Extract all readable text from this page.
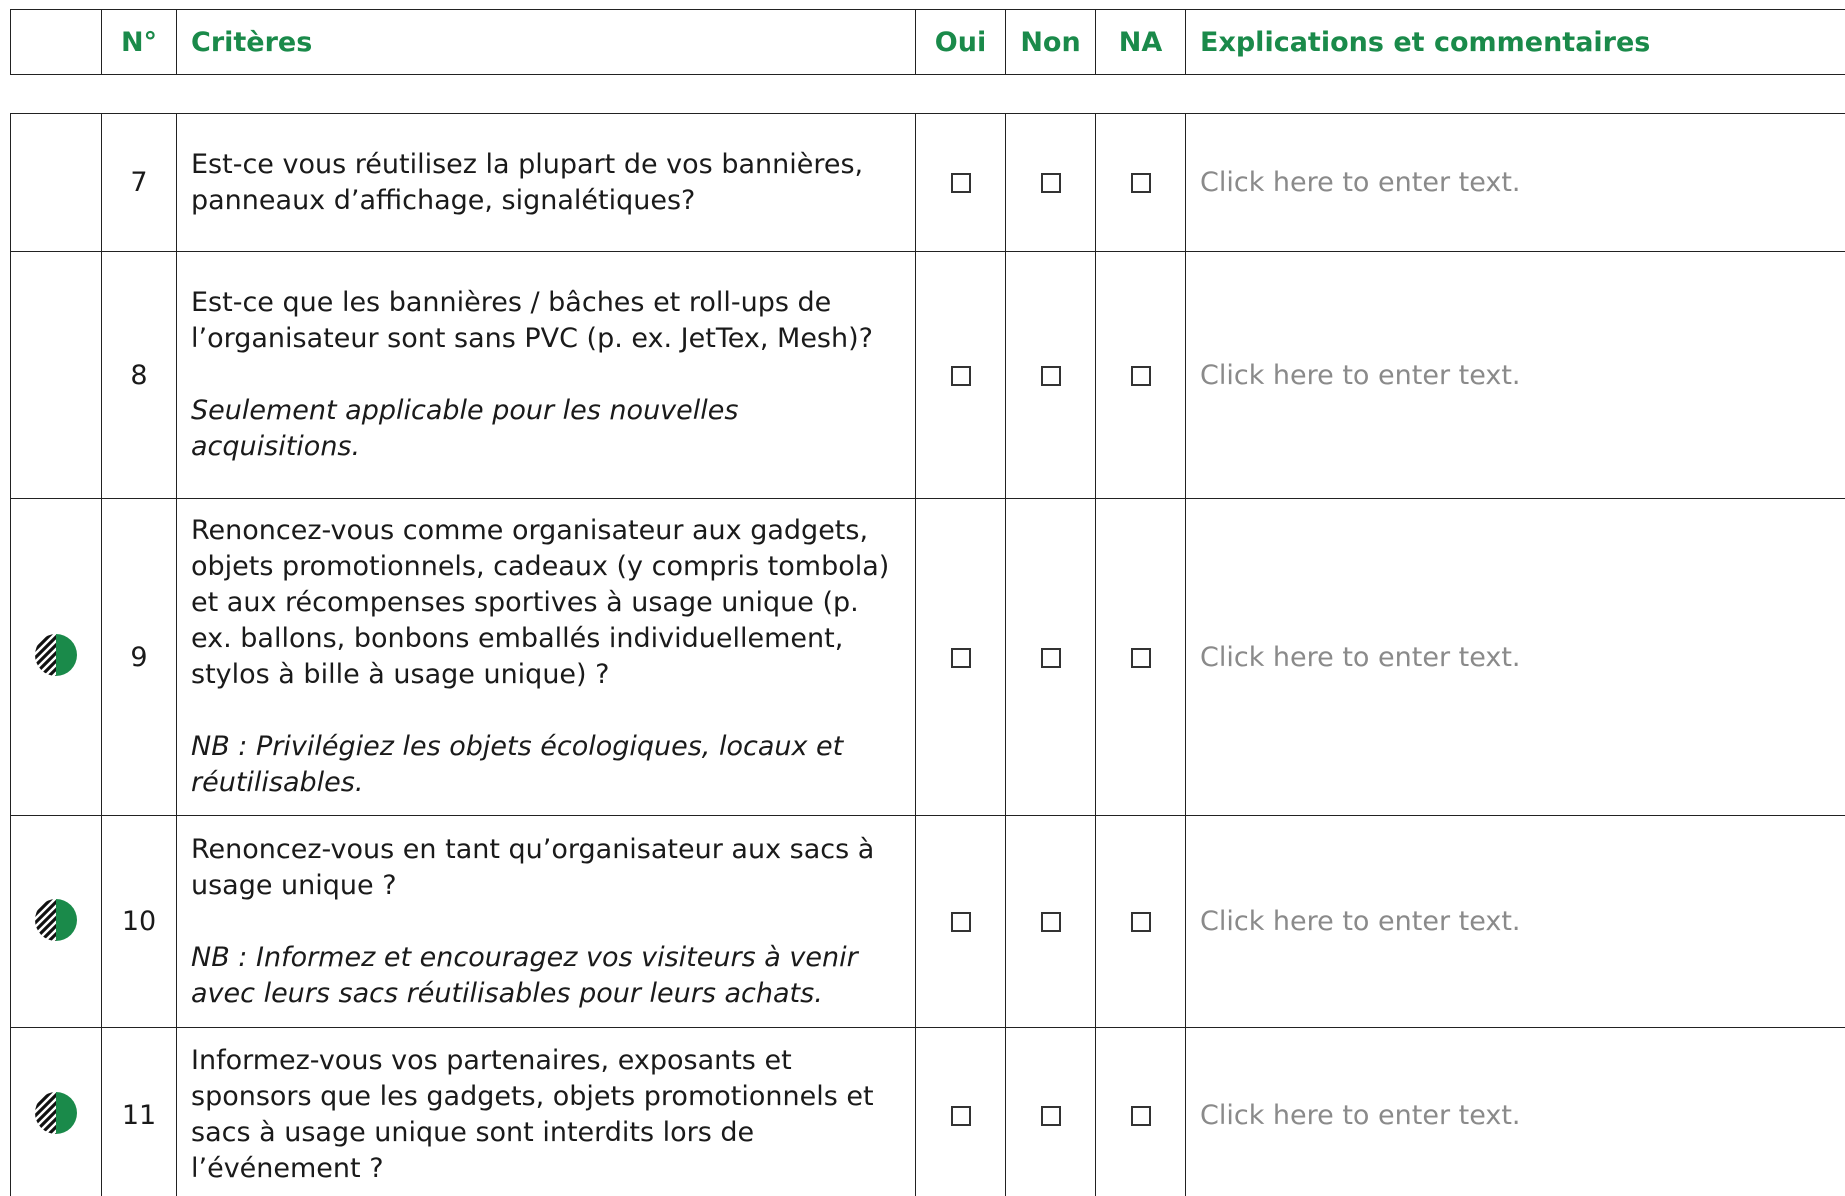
	N°	Critères	Oui	Non	NA	Explications et commentaires
	7	Est-ce vous réutilisez la plupart de vos bannières, panneaux d’affichage, signalétiques?				Click here to enter text.
	8	Est-ce que les bannières / bâches et roll-ups de l’organisateur sont sans PVC (p. ex. JetTex, Mesh)?
Seulement applicable pour les nouvelles acquisitions.				Click here to enter text.
	9	Renoncez-vous comme organisateur aux gadgets, objets promotionnels, cadeaux (y compris tombola) et aux récompenses sportives à usage unique (p. ex. ballons, bonbons emballés individuellement, stylos à bille à usage unique) ?
NB : Privilégiez les objets écologiques, locaux et réutilisables.				Click here to enter text.
	10	Renoncez-vous en tant qu’organisateur aux sacs à usage unique ?
NB : Informez et encouragez vos visiteurs à venir avec leurs sacs réutilisables pour leurs achats.				Click here to enter text.
	11	Informez-vous vos partenaires, exposants et sponsors que les gadgets, objets promotionnels et sacs à usage unique sont interdits lors de l’événement ?				Click here to enter text.
